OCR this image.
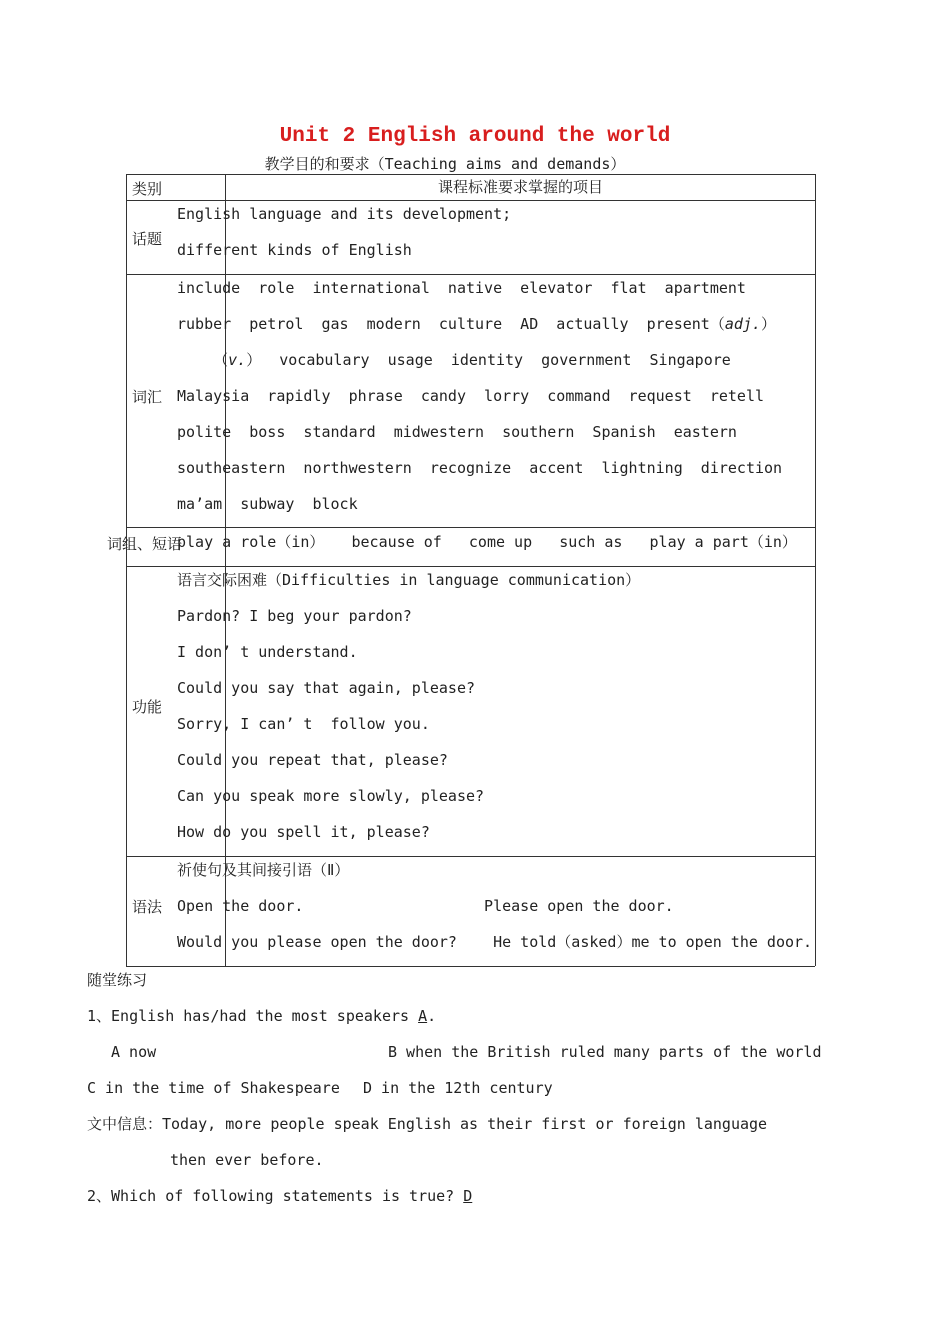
Unit 2 English around the world
教学目的和要求（Teaching aims and demands）
类别	课程标准要求掌握的项目
话题
English language and its development;
different kinds of English
词汇
include  role  international  native  elevator  flat  apartment
rubber  petrol  gas  modern  culture  AD  actually  present（adj.）
（v.）  vocabulary  usage  identity  government  Singapore
Malaysia  rapidly  phrase  candy  lorry  command  request  retell
polite  boss  standard  midwestern  southern  Spanish  eastern
southeastern  northwestern  recognize  accent  lightning  direction
ma’am  subway  block
词组、短语
play a role（in）   because of   come up   such as   play a part（in）
功能
语言交际困难（Difficulties in language communication）
Pardon? I beg your pardon?
I don’ t understand.
Could you say that again, please?
Sorry, I can’ t  follow you.
Could you repeat that, please?
Can you speak more slowly, please?
How do you spell it, please?
语法
祈使句及其间接引语（Ⅱ）
Open the door.                    Please open the door.
Would you please open the door?    He told（asked）me to open the door.
随堂练习
1、English has/had the most speakers A.
A now	B when the British ruled many parts of the world
C in the time of Shakespeare D in the 12th century
文中信息：Today, more people speak English as their first or foreign language
then ever before.
2、Which of following statements is true? D
